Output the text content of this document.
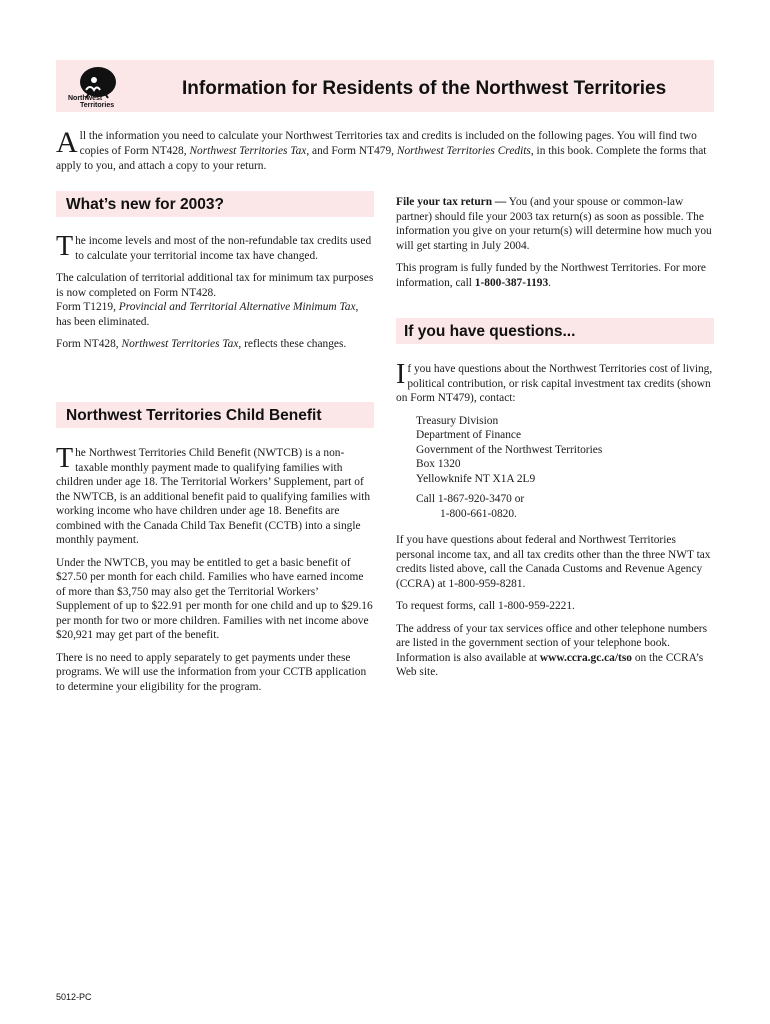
Northwest
Territories
Information for Residents of the Northwest Territories
All the information you need to calculate your Northwest Territories tax and credits is included on the following pages. You will find two copies of Form NT428, Northwest Territories Tax, and Form NT479, Northwest Territories Credits, in this book. Complete the forms that apply to you, and attach a copy to your return.
What’s new for 2003?

The income levels and most of the non-refundable tax credits used to calculate your territorial income tax have changed.

The calculation of territorial additional tax for minimum tax purposes is now completed on Form NT428.
Form T1219, Provincial and Territorial Alternative Minimum Tax, has been eliminated.

Form NT428, Northwest Territories Tax, reflects these changes.

Northwest Territories Child Benefit

The Northwest Territories Child Benefit (NWTCB) is a non-taxable monthly payment made to qualifying families with children under age 18. The Territorial Workers’ Supplement, part of the NWTCB, is an additional benefit paid to qualifying families with working income who have children under age 18. Benefits are combined with the Canada Child Tax Benefit (CCTB) into a single monthly payment.

Under the NWTCB, you may be entitled to get a basic benefit of $27.50 per month for each child. Families who have earned income of more than $3,750 may also get the Territorial Workers’ Supplement of up to $22.91 per month for one child and up to $29.16 per month for two or more children. Families with net income above $20,921 may get part of the benefit.

There is no need to apply separately to get payments under these programs. We will use the information from your CCTB application to determine your eligibility for the program.

File your tax return — You (and your spouse or common-law partner) should file your 2003 tax return(s) as soon as possible. The information you give on your return(s) will determine how much you will get starting in July 2004.

This program is fully funded by the Northwest Territories. For more information, call 1-800-387-1193.

If you have questions...

If you have questions about the Northwest Territories cost of living, political contribution, or risk capital investment tax credits (shown on Form NT479), contact:

Treasury Division
Department of Finance
Government of the Northwest Territories
Box 1320
Yellowknife NT X1A 2L9
Call 1-867-920-3470 or
1-800-661-0820.

If you have questions about federal and Northwest Territories personal income tax, and all tax credits other than the three NWT tax credits listed above, call the Canada Customs and Revenue Agency (CCRA) at 1-800-959-8281.

To request forms, call 1-800-959-2221.

The address of your tax services office and other telephone numbers are listed in the government section of your telephone book. Information is also available at www.ccra.gc.ca/tso on the CCRA’s Web site.

5012-PC
